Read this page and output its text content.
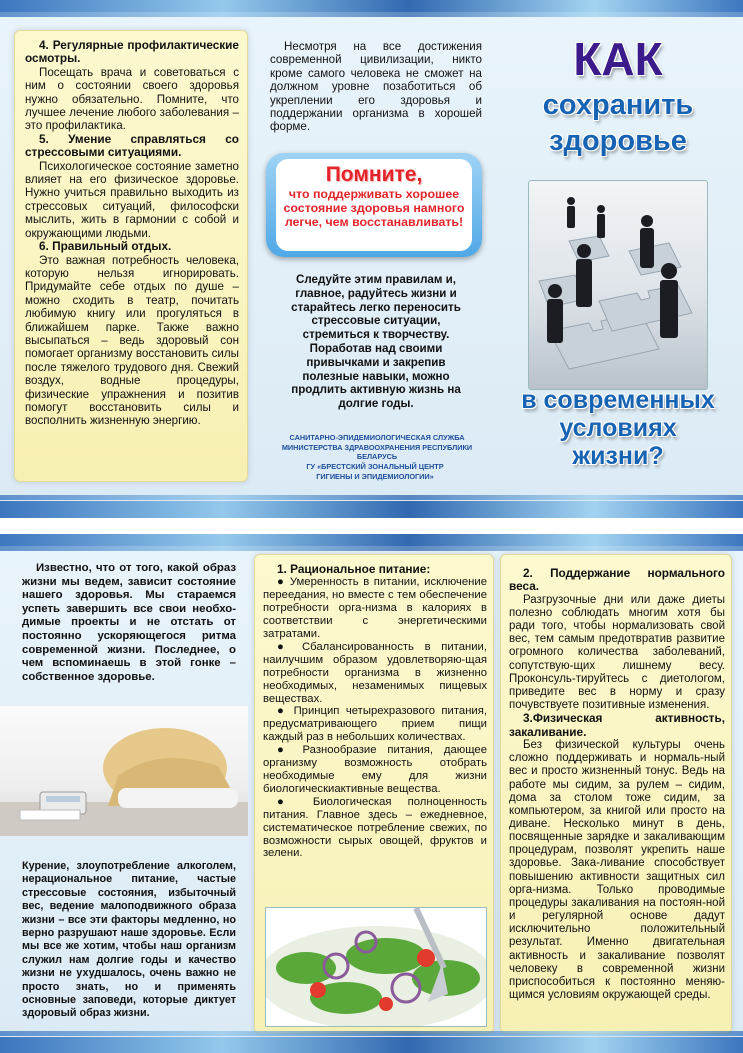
4. Регулярные профилактические осмотры.

Посещать врача и советоваться с ним о состоянии своего здоровья нужно обязательно. Помните, что лучшее лечение любого заболевания – это профилактика.

5. Умение справляться со стрессовыми ситуациями.

Психологическое состояние заметно влияет на его физическое здоровье. Нужно учиться правильно выходить из стрессовых ситуаций, философски мыслить, жить в гармонии с собой и окружающими людьми.

6. Правильный отдых.

Это важная потребность человека, которую нельзя игнорировать. Придумайте себе отдых по душе – можно сходить в театр, почитать любимую книгу или прогуляться в ближайшем парке. Также важно высыпаться – ведь здоровый сон помогает организму восстановить силы после тяжелого трудового дня. Свежий воздух, водные процедуры, физические упражнения и позитив помогут восстановить силы и восполнить жизненную энергию.

Несмотря на все достижения современной цивилизации, никто кроме самого человека не сможет на должном уровне позаботиться об укреплении его здоровья и поддержании организма в хорошей форме.

Помните,
что поддерживать хорошее состояние здоровья намного легче, чем восстанавливать!
Следуйте этим правилам и, главное, радуйтесь жизни и старайтесь легко переносить стрессовые ситуации, стремиться к творчеству. Поработав над своими привычками и закрепив полезные навыки, можно продлить активную жизнь на долгие годы.
САНИТАРНО-ЭПИДЕМИОЛОГИЧЕСКАЯ СЛУЖБА МИНИСТЕРСТВА ЗДРАВООХРАНЕНИЯ РЕСПУБЛИКИ БЕЛАРУСЬ
ГУ «БРЕСТСКИЙ ЗОНАЛЬНЫЙ ЦЕНТР ГИГИЕНЫ И ЭПИДЕМИОЛОГИИ»
КАК
сохранить
здоровье
в современных
условиях
жизни?

Известно, что от того, какой образ жизни мы ведем, зависит состояние нашего здоровья. Мы стараемся успеть завершить все свои необхо-димые проекты и не отстать от постоянно ускоряющегося ритма современной жизни. Последнее, о чем вспоминаешь в этой гонке – собственное здоровье.

Курение, злоупотребление алкоголем, нерациональное питание, частые стрессовые состояния, избыточный вес, ведение малоподвижного образа жизни – все эти факторы медленно, но верно разрушают наше здоровье. Если мы все же хотим, чтобы наш организм служил нам долгие годы и качество жизни не ухудшалось, очень важно не просто знать, но и применять основные заповеди, которые диктует здоровый образ жизни.

1. Рациональное питание:

● Умеренность в питании, исключение переедания, но вместе с тем обеспечение потребности орга-низма в калориях в соответствии с энергетическими затратами.

● Сбалансированность в питании, наилучшим образом удовлетворяю-щая потребности организма в жизненно необходимых, незаменимых пищевых веществах.

● Принцип четырехразового питания, предусматривающего прием пищи каждый раз в небольших количествах.

● Разнообразие питания, дающее организму возможность отобрать необходимые ему для жизни биологическиактивные вещества.

● Биологическая полноценность питания. Главное здесь – ежедневное, систематическое потребление свежих, по возможности сырых овощей, фруктов и зелени.

2. Поддержание нормального веса.

Разгрузочные дни или даже диеты полезно соблюдать многим хотя бы ради того, чтобы нормализовать свой вес, тем самым предотвратив развитие огромного количества заболеваний, сопутствую-щих лишнему весу. Проконсуль-тируйтесь с диетологом, приведите вес в норму и сразу почувствуете позитивные изменения.

3.Физическая активность, закаливание.

Без физической культуры очень сложно поддерживать и нормаль-ный вес и просто жизненный тонус. Ведь на работе мы сидим, за рулем – сидим, дома за столом тоже сидим, за компьютером, за книгой или просто на диване. Несколько минут в день, посвященные зарядке и закаливающим процедурам, позволят укрепить наше здоровье. Зака-ливание способствует повышению активности защитных сил орга-низма. Только проводимые процедуры закаливания на постоян-ной и регулярной основе дадут исключительно положительный результат. Именно двигательная активность и закаливание позволят человеку в современной жизни приспособиться к постоянно меняю-щимся условиям окружающей среды.
